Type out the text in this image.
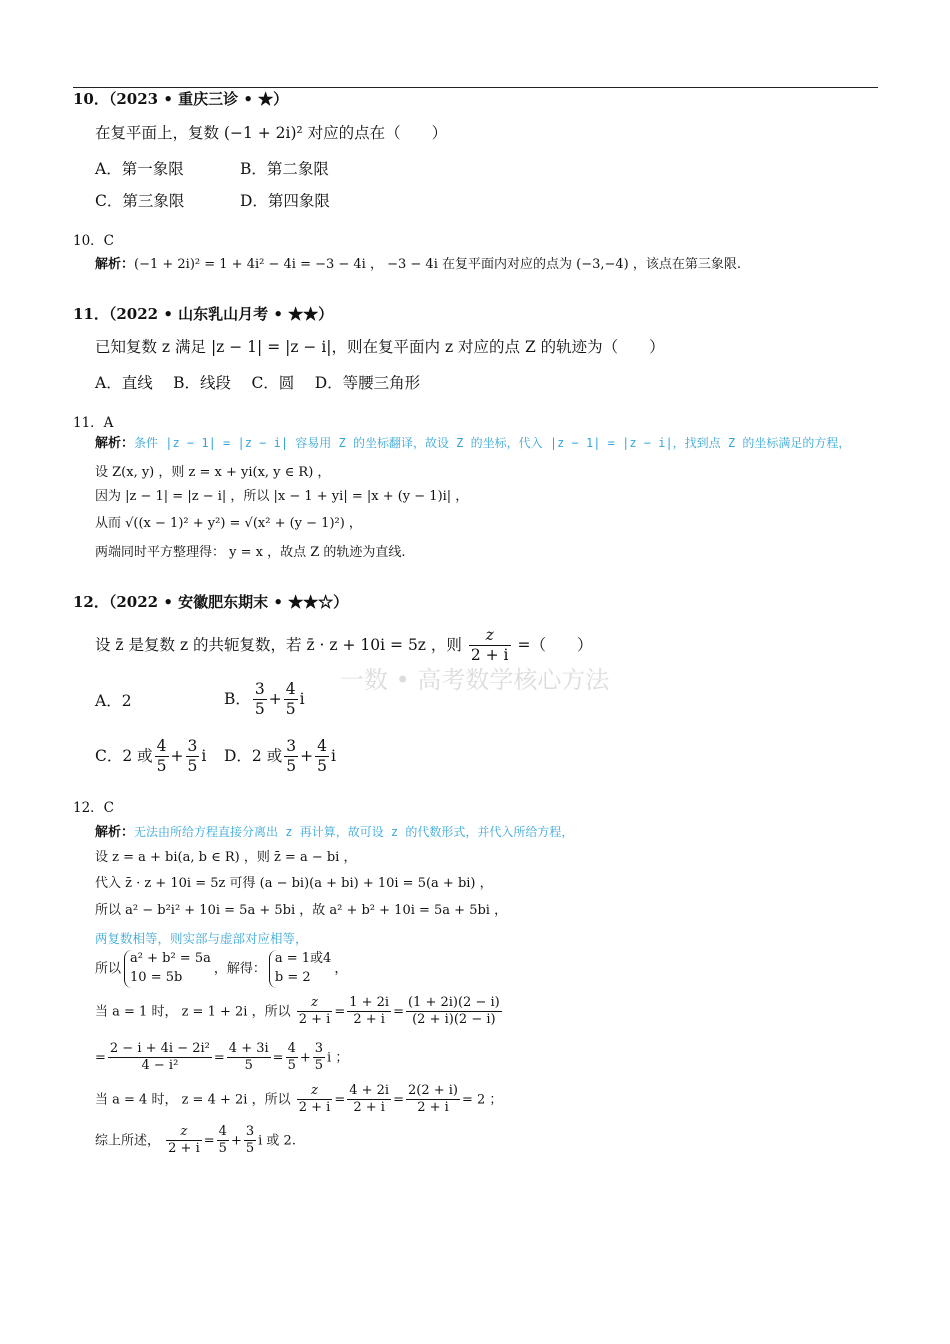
一数 • 高考数学核心方法
10．（2023 • 重庆三诊 • ★）
在复平面上，复数 (−1 + 2i)² 对应的点在（　　）
A．第一象限	B．第二象限
C．第三象限	D．第四象限
10．C
解析：(−1 + 2i)² = 1 + 4i² − 4i = −3 − 4i ， −3 − 4i 在复平面内对应的点为 (−3,−4) ，该点在第三象限.
11．（2022 • 山东乳山月考 • ★★）
已知复数 z 满足 |z − 1| = |z − i|，则在复平面内 z 对应的点 Z 的轨迹为（　　）
A．直线　 B．线段　 C．圆　 D．等腰三角形
11．A
解析：条件 |z − 1| = |z − i| 容易用 Z 的坐标翻译，故设 Z 的坐标，代入 |z − 1| = |z − i|，找到点 Z 的坐标满足的方程，
设 Z(x, y) ，则 z = x + yi(x, y ∈ R) ，
因为 |z − 1| = |z − i| ，所以 |x − 1 + yi| = |x + (y − 1)i| ，
从而 √((x − 1)² + y²) = √(x² + (y − 1)²) ，
两端同时平方整理得： y = x ，故点 Z 的轨迹为直线.
12．（2022 • 安徽肥东期末 • ★★☆）
设 z̄ 是复数 z 的共轭复数，若 z̄ · z + 10i = 5z ，则 $\frac{z}{2 + i}$ =（　　）
A．2	B． $\frac{3}{5} + \frac{4}{5}$ i
C．2 或 $\frac{4}{5} + \frac{3}{5}$ i D．2 或 $\frac{3}{5} + \frac{4}{5}$ i
12．C
解析：无法由所给方程直接分离出 z 再计算，故可设 z 的代数形式，并代入所给方程，
设 z = a + bi(a, b ∈ R) ，则 z̄ = a − bi ，
代入 z̄ · z + 10i = 5z 可得 (a − bi)(a + bi) + 10i = 5(a + bi) ，
所以 a² − b²i² + 10i = 5a + 5bi ，故 a² + b² + 10i = 5a + 5bi ，
两复数相等，则实部与虚部对应相等，
所以
a² + b² = 5a
10 = 5b
，解得：
a = 1或4
b = 2
，
当 a = 1 时， z = 1 + 2i ，所以 $\frac{z}{2 + i} = \frac{1 + 2i}{2 + i} = \frac{(1 + 2i)(2 - i)}{(2 + i)(2 - i)}$
= $\frac{\text{2 − i + 4i − 2i²}}{\text{4 − i²}} = \frac{4 + 3i}{5} = \frac{4}{5} + \frac{3}{5}$ i ；
当 a = 4 时， z = 4 + 2i ，所以 $\frac{z}{2 + i} = \frac{4 + 2i}{2 + i} = \frac{2(2 + i)}{2 + i} = 2$ ；
综上所述， $\frac{z}{2 + i} = \frac{4}{5} + \frac{3}{5}$ i 或 2.
